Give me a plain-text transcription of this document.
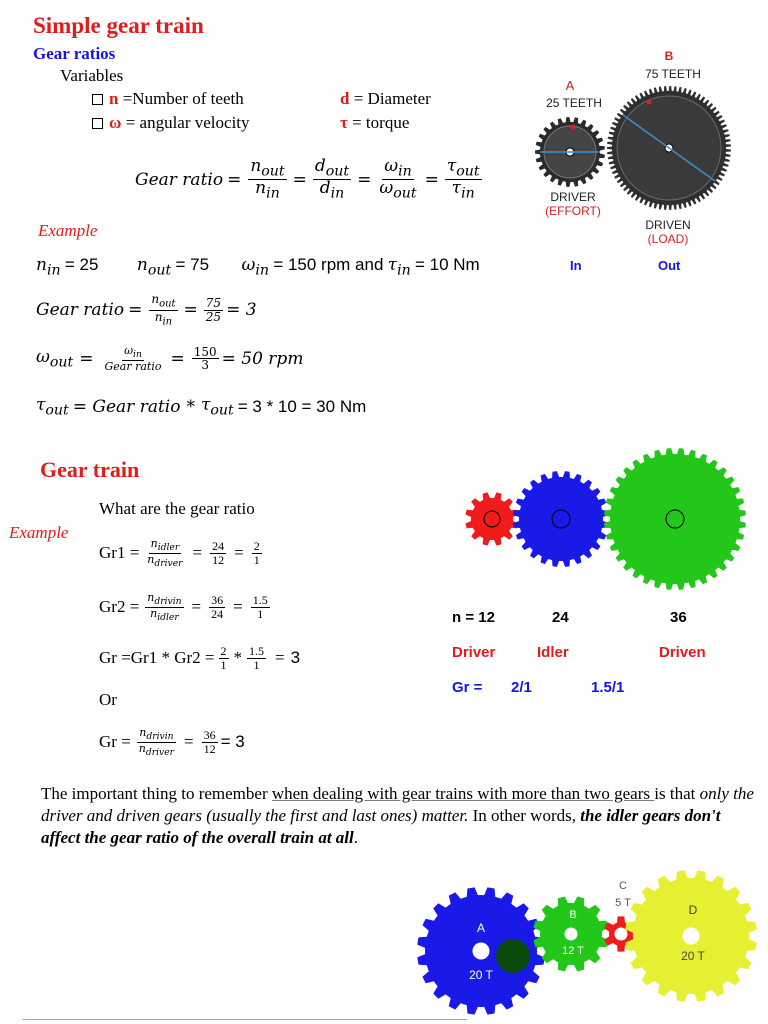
Simple gear train
Gear ratios
Variables
n =Number of teeth	d = Diameter
ω = angular velocity	τ = torque
Gear ratio = $\frac{n_{out}}{n_{in}} = \frac{d_{out}}{d_{in}} = \frac{\omega_{in}}{\omega_{out}} = \frac{\tau_{out}}{\tau_{in}}$
Example
$n_{in} = 25$ $n_{out} = 75$ $\omega_{in} = 150$ rpm and $\tau_{in} = 10$ Nm
Gear ratio = $\frac{n_{out}}{n_{in}} = \frac{75}{25} = 3$
$\omega_{out} = \frac{\omega_{in}}{\text{Gear ratio}} = \frac{150}{3} = 50$ rpm
$\tau_{out}$ = Gear ratio * $\tau_{out} = 3 * 10 = 30$ Nm
A
25 TEETH
B
75 TEETH
DRIVER
(EFFORT)
DRIVEN
(LOAD)
In	Out
Gear train
What are the gear ratio
Example
$Gr1 = \frac{n_{idler}}{n_{driver}} = \frac{24}{12} = \frac{2}{1}$
$Gr2 = \frac{n_{drivin}}{n_{idler}} = \frac{36}{24} = \frac{1.5}{1}$
$Gr =Gr1 * Gr2 = \frac{2}{1} * \frac{1.5}{1} = 3$
Or
$Gr = \frac{n_{drivin}}{n_{driver}} = \frac{36}{12} = 3$
n = 12	24	36
Driver	Idler	Driven
Gr = 2/1	1.5/1
The important thing to remember when dealing with gear trains with more than two gears is that only the driver and driven gears (usually the first and last ones) matter. In other words, the idler gears don't affect the gear ratio of the overall train at all.
A
20 T
B
12 T
C
5 T	D
20 T
